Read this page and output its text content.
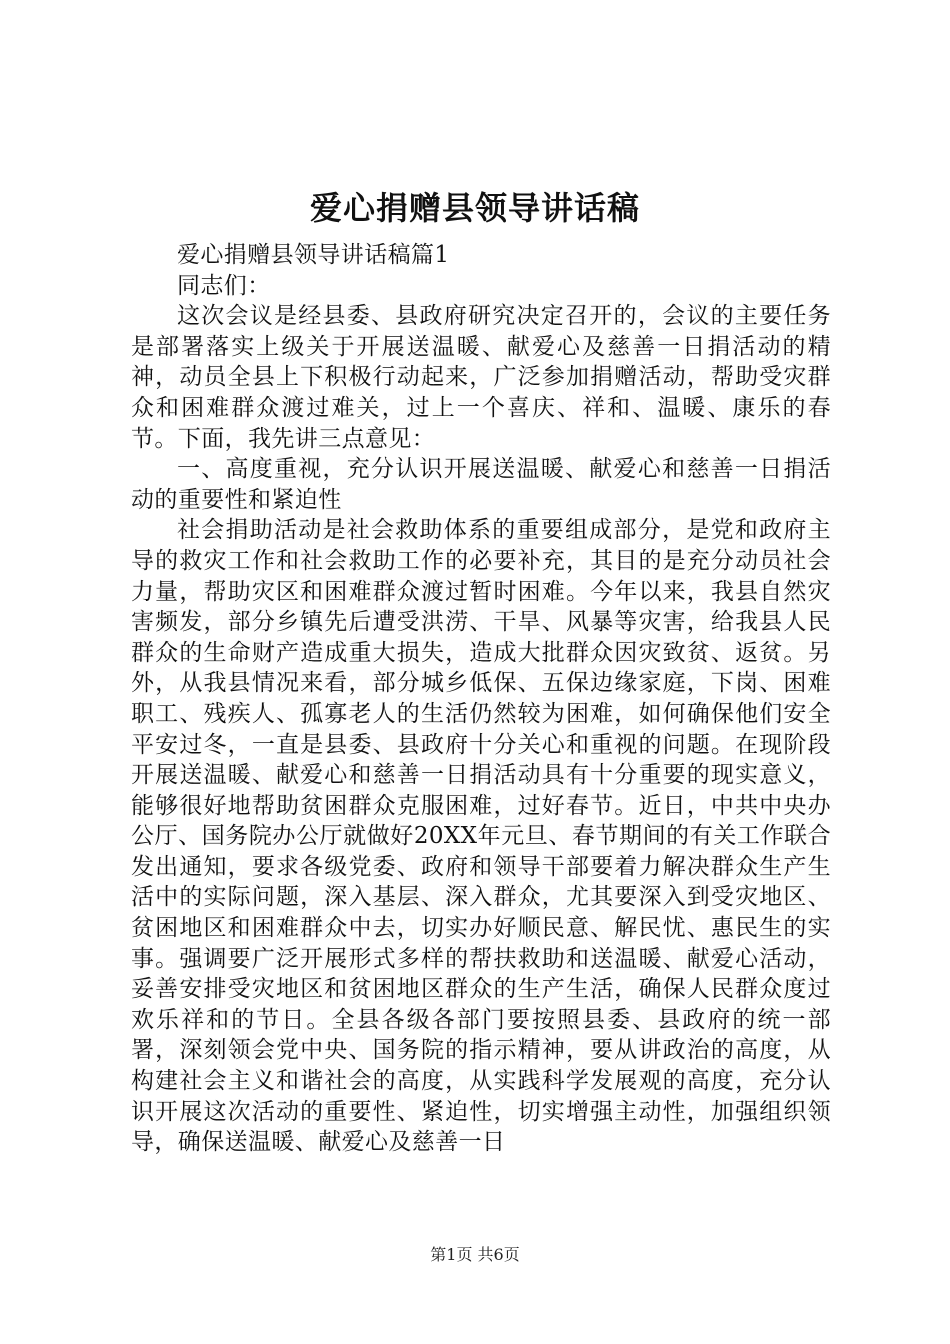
爱心捐赠县领导讲话稿

爱心捐赠县领导讲话稿篇1

同志们：

这次会议是经县委、县政府研究决定召开的，会议的主要任务是部署落实上级关于开展送温暖、献爱心及慈善一日捐活动的精神，动员全县上下积极行动起来，广泛参加捐赠活动，帮助受灾群众和困难群众渡过难关，过上一个喜庆、祥和、温暖、康乐的春节。下面，我先讲三点意见：

一、高度重视，充分认识开展送温暖、献爱心和慈善一日捐活动的重要性和紧迫性

社会捐助活动是社会救助体系的重要组成部分，是党和政府主导的救灾工作和社会救助工作的必要补充，其目的是充分动员社会力量，帮助灾区和困难群众渡过暂时困难。今年以来，我县自然灾害频发，部分乡镇先后遭受洪涝、干旱、风暴等灾害，给我县人民群众的生命财产造成重大损失，造成大批群众因灾致贫、返贫。另外，从我县情况来看，部分城乡低保、五保边缘家庭，下岗、困难职工、残疾人、孤寡老人的生活仍然较为困难，如何确保他们安全平安过冬，一直是县委、县政府十分关心和重视的问题。在现阶段开展送温暖、献爱心和慈善一日捐活动具有十分重要的现实意义，能够很好地帮助贫困群众克服困难，过好春节。近日，中共中央办公厅、国务院办公厅就做好20XX年元旦、春节期间的有关工作联合发出通知，要求各级党委、政府和领导干部要着力解决群众生产生活中的实际问题，深入基层、深入群众，尤其要深入到受灾地区、贫困地区和困难群众中去，切实办好顺民意、解民忧、惠民生的实事。强调要广泛开展形式多样的帮扶救助和送温暖、献爱心活动，妥善安排受灾地区和贫困地区群众的生产生活，确保人民群众度过欢乐祥和的节日。全县各级各部门要按照县委、县政府的统一部署，深刻领会党中央、国务院的指示精神，要从讲政治的高度，从构建社会主义和谐社会的高度，从实践科学发展观的高度，充分认识开展这次活动的重要性、紧迫性，切实增强主动性，加强组织领导，确保送温暖、献爱心及慈善一日

第1页 共6页
